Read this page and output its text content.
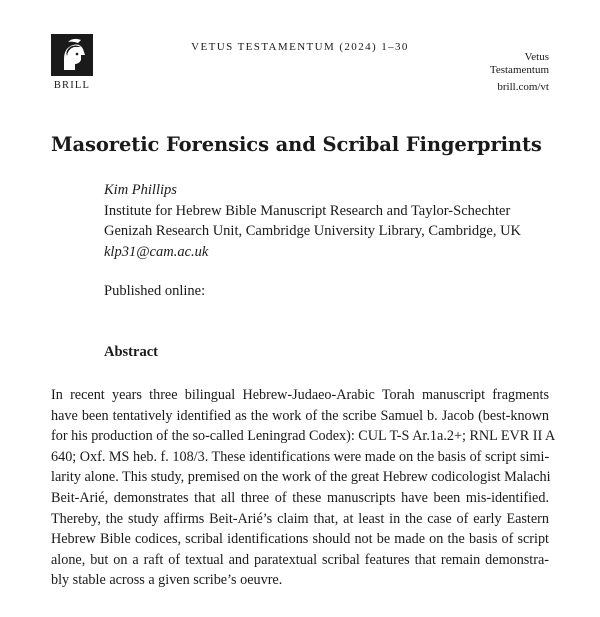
BRILL
VETUS TESTAMENTUM (2024) 1–30
Vetus
Testamentum
brill.com/vt
Masoretic Forensics and Scribal Fingerprints
Kim Phillips
Institute for Hebrew Bible Manuscript Research and Taylor-Schechter
Genizah Research Unit, Cambridge University Library, Cambridge, UK
klp31@cam.ac.uk
Published online:
Abstract
In recent years three bilingual Hebrew-Judaeo-Arabic Torah manuscript fragments
have been tentatively identified as the work of the scribe Samuel b. Jacob (best-known
for his production of the so-called Leningrad Codex): CUL T-S Ar.1a.2+; RNL EVR II A
640; Oxf. MS heb. f. 108/3. These identifications were made on the basis of script simi-
larity alone. This study, premised on the work of the great Hebrew codicologist Malachi
Beit-Arié, demonstrates that all three of these manuscripts have been mis-identified.
Thereby, the study affirms Beit-Arié’s claim that, at least in the case of early Eastern
Hebrew Bible codices, scribal identifications should not be made on the basis of script
alone, but on a raft of textual and paratextual scribal features that remain demonstra-
bly stable across a given scribe’s oeuvre.
